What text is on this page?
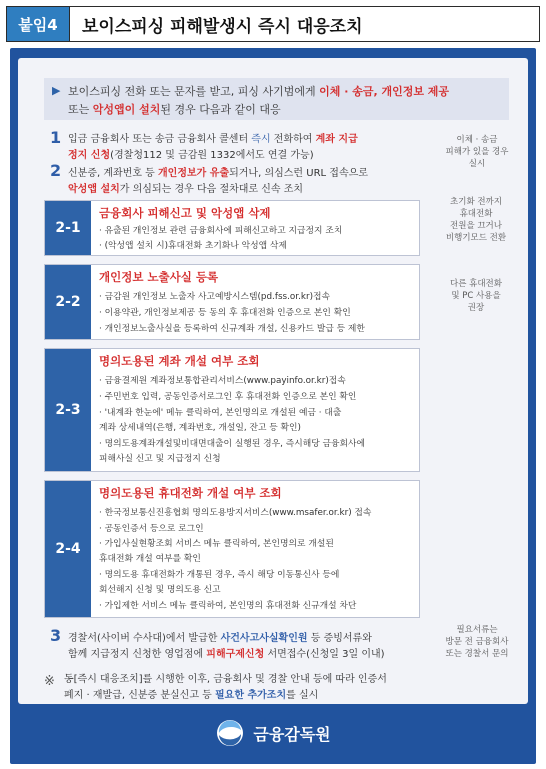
붙임4	보이스피싱 피해발생시 즉시 대응조치
▶ 보이스피싱 전화 또는 문자를 받고, 피싱 사기범에게 이체 · 송금, 개인정보 제공
또는 악성앱이 설치된 경우 다음과 같이 대응
1 입금 금융회사 또는 송금 금융회사 콜센터 즉시 전화하여 계좌 지급
정지 신청(경찰청112 및 금감원 1332에서도 연결 가능)
이체 · 송금
피해가 있을 경우
실시
2 신분증, 계좌번호 등 개인정보가 유출되거나, 의심스런 URL 접속으로
악성앱 설치가 의심되는 경우 다음 절차대로 신속 조치
2-1
금융회사 피해신고 및 악성앱 삭제
· 유출된 개인정보 관련 금융회사에 피해신고하고 지급정지 조치
· (악성앱 설치 시)휴대전화 초기화나 악성앱 삭제
초기화 전까지
휴대전화
전원을 끄거나
비행기모드 전환
2-2
개인정보 노출사실 등록
· 금감원 개인정보 노출자 사고예방시스템(pd.fss.or.kr)접속
· 이용약관, 개인정보제공 등 동의 후 휴대전화 인증으로 본인 확인
· 개인정보노출사실을 등록하여 신규계좌 개설, 신용카드 발급 등 제한
다른 휴대전화
및 PC 사용을
권장
2-3
명의도용된 계좌 개설 여부 조회
· 금융결제원 계좌정보통합관리서비스(www.payinfo.or.kr)접속
· 주민번호 입력, 공동인증서로그인 후 휴대전화 인증으로 본인 확인
· '내계좌 한눈에' 메뉴 클릭하여, 본인명의로 개설된 예금 · 대출
계좌 상세내역(은행, 계좌번호, 개설일, 잔고 등 확인)
· 명의도용계좌개설및비대면대출이 실행된 경우, 즉시해당 금융회사에
피해사실 신고 및 지급정지 신청
2-4
명의도용된 휴대전화 개설 여부 조회
· 한국정보통신진흥협회 명의도용방지서비스(www.msafer.or.kr) 접속
· 공동인증서 등으로 로그인
· 가입사실현황조회 서비스 메뉴 클릭하여, 본인명의로 개설된
휴대전화 개설 여부를 확인
· 명의도용 휴대전화가 개통된 경우, 즉시 해당 이동통신사 등에
회선해지 신청 및 명의도용 신고
· 가입제한 서비스 메뉴 클릭하여, 본인명의 휴대전화 신규개설 차단
3 경찰서(사이버 수사대)에서 발급한 사건사고사실확인원 등 증빙서류와
함께 지급정지 신청한 영업점에 피해구제신청 서면접수(신청일 3일 이내)
필요서류는
방문 전 금융회사
또는 경찰서 문의
※ 동[즉시 대응조치]를 시행한 이후, 금융회사 및 경찰 안내 등에 따라 인증서
폐지 · 재발급, 신분증 분실신고 등 필요한 추가조치를 실시
금융감독원
